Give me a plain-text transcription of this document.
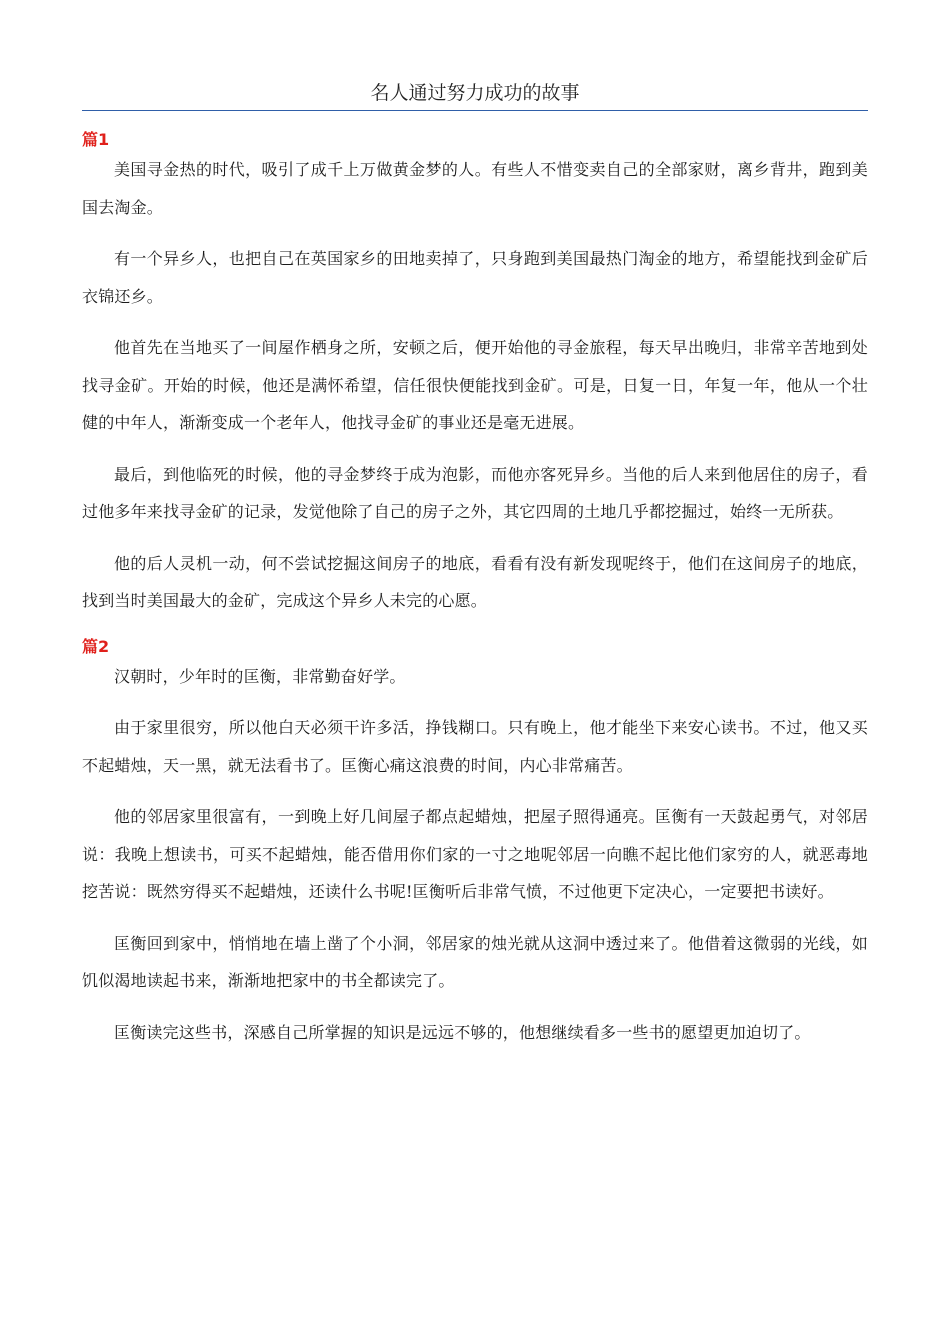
名人通过努力成功的故事
篇1

美国寻金热的时代，吸引了成千上万做黄金梦的人。有些人不惜变卖自己的全部家财，离乡背井，跑到美国去淘金。

有一个异乡人，也把自己在英国家乡的田地卖掉了，只身跑到美国最热门淘金的地方，希望能找到金矿后衣锦还乡。

他首先在当地买了一间屋作栖身之所，安顿之后，便开始他的寻金旅程，每天早出晚归，非常辛苦地到处找寻金矿。开始的时候，他还是满怀希望，信任很快便能找到金矿。可是，日复一日，年复一年，他从一个壮健的中年人，渐渐变成一个老年人，他找寻金矿的事业还是毫无进展。

最后，到他临死的时候，他的寻金梦终于成为泡影，而他亦客死异乡。当他的后人来到他居住的房子，看过他多年来找寻金矿的记录，发觉他除了自己的房子之外，其它四周的土地几乎都挖掘过，始终一无所获。

他的后人灵机一动，何不尝试挖掘这间房子的地底，看看有没有新发现呢终于，他们在这间房子的地底，找到当时美国最大的金矿，完成这个异乡人未完的心愿。

篇2

汉朝时，少年时的匡衡，非常勤奋好学。

由于家里很穷，所以他白天必须干许多活，挣钱糊口。只有晚上，他才能坐下来安心读书。不过，他又买不起蜡烛，天一黑，就无法看书了。匡衡心痛这浪费的时间，内心非常痛苦。

他的邻居家里很富有，一到晚上好几间屋子都点起蜡烛，把屋子照得通亮。匡衡有一天鼓起勇气，对邻居说：我晚上想读书，可买不起蜡烛，能否借用你们家的一寸之地呢邻居一向瞧不起比他们家穷的人，就恶毒地挖苦说：既然穷得买不起蜡烛，还读什么书呢!匡衡听后非常气愤，不过他更下定决心，一定要把书读好。

匡衡回到家中，悄悄地在墙上凿了个小洞，邻居家的烛光就从这洞中透过来了。他借着这微弱的光线，如饥似渴地读起书来，渐渐地把家中的书全都读完了。

匡衡读完这些书，深感自己所掌握的知识是远远不够的，他想继续看多一些书的愿望更加迫切了。
